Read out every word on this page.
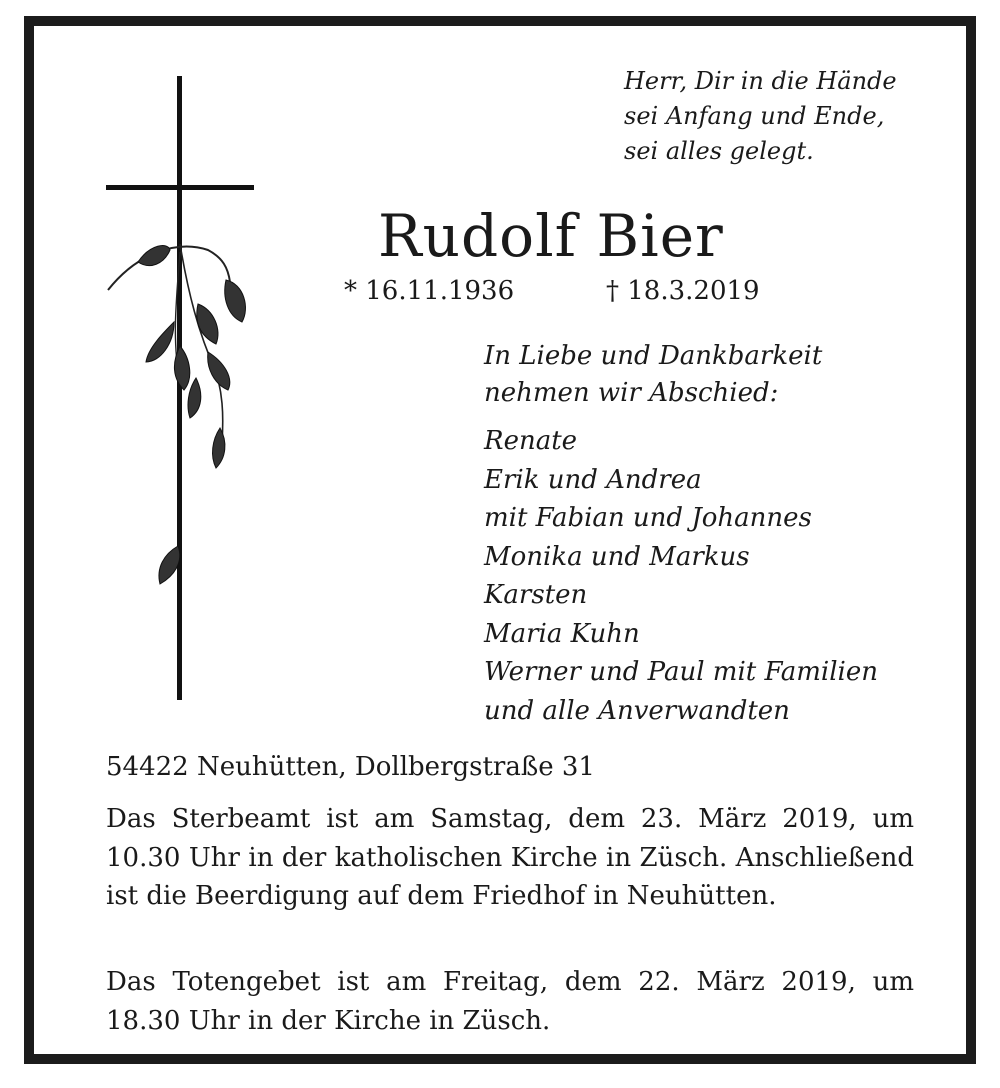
Herr, Dir in die Hände
sei Anfang und Ende,
sei alles gelegt.
Rudolf Bier
* 16.11.1936	† 18.3.2019
In Liebe und Dankbarkeit
nehmen wir Abschied:
Renate
Erik und Andrea
mit Fabian und Johannes
Monika und Markus
Karsten
Maria Kuhn
Werner und Paul mit Familien
und alle Anverwandten
54422 Neuhütten, Dollbergstraße 31
Das Sterbeamt ist am Samstag, dem 23. März 2019, um 10.30 Uhr in der katholischen Kirche in Züsch. Anschließend ist die Beerdigung auf dem Friedhof in Neuhütten.
Das Totengebet ist am Freitag, dem 22. März 2019, um 18.30 Uhr in der Kirche in Züsch.
